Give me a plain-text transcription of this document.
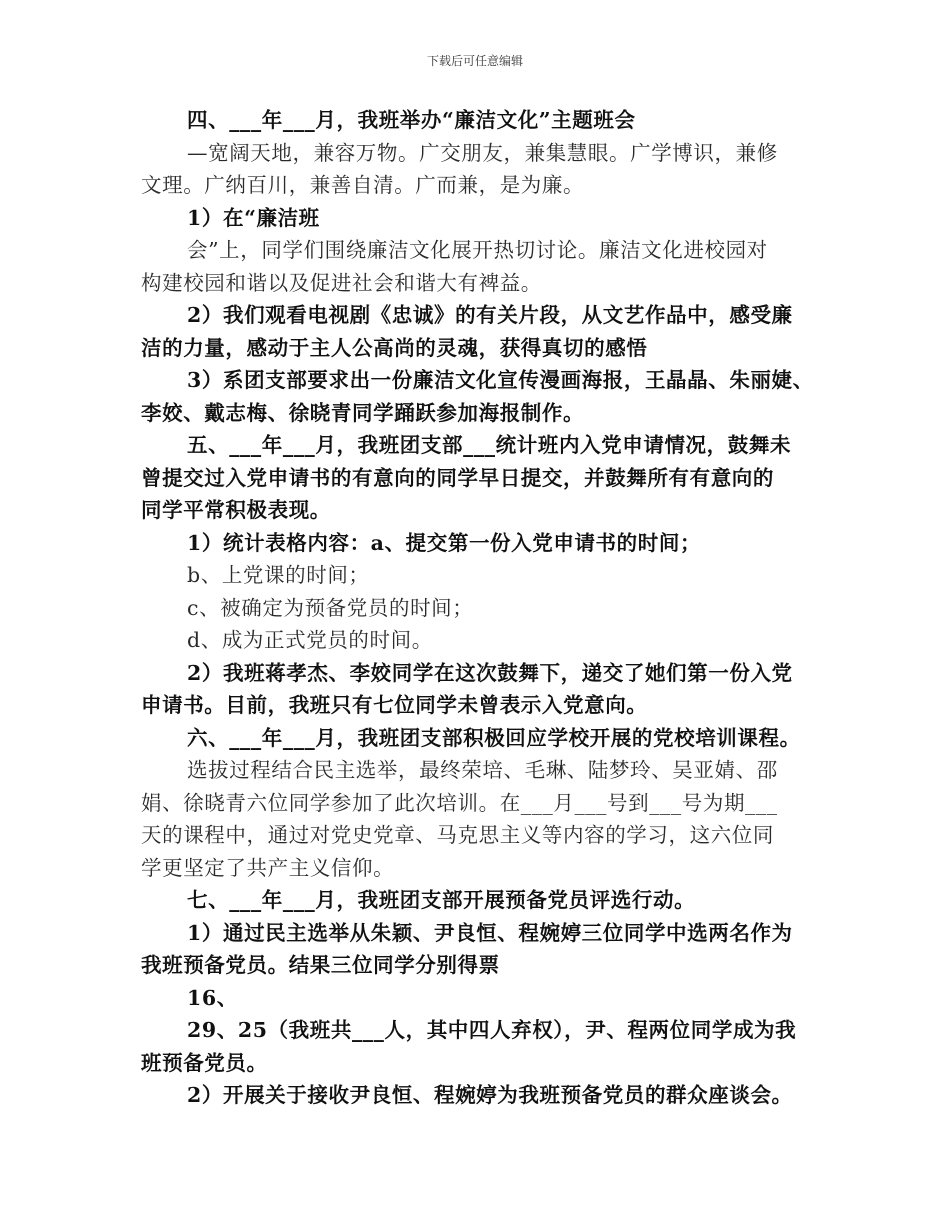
下载后可任意编辑
四、___年___月，我班举办“廉洁文化”主题班会
—宽阔天地，兼容万物。广交朋友，兼集慧眼。广学博识，兼修
文理。广纳百川，兼善自清。广而兼，是为廉。
1）在“廉洁班
会”上，同学们围绕廉洁文化展开热切讨论。廉洁文化进校园对
构建校园和谐以及促进社会和谐大有裨益。
2）我们观看电视剧《忠诚》的有关片段，从文艺作品中，感受廉
洁的力量，感动于主人公高尚的灵魂，获得真切的感悟
3）系团支部要求出一份廉洁文化宣传漫画海报，王晶晶、朱丽婕、
李姣、戴志梅、徐晓青同学踊跃参加海报制作。
五、___年___月，我班团支部___统计班内入党申请情况，鼓舞未
曾提交过入党申请书的有意向的同学早日提交，并鼓舞所有有意向的
同学平常积极表现。
1）统计表格内容：a、提交第一份入党申请书的时间；
b、上党课的时间；
c、被确定为预备党员的时间；
d、成为正式党员的时间。
2）我班蒋孝杰、李姣同学在这次鼓舞下，递交了她们第一份入党
申请书。目前，我班只有七位同学未曾表示入党意向。
六、___年___月，我班团支部积极回应学校开展的党校培训课程。
选拔过程结合民主选举，最终荣培、毛琳、陆梦玲、吴亚婧、邵
娟、徐晓青六位同学参加了此次培训。在___月___号到___号为期___
天的课程中，通过对党史党章、马克思主义等内容的学习，这六位同
学更坚定了共产主义信仰。
七、___年___月，我班团支部开展预备党员评选行动。
1）通过民主选举从朱颖、尹良恒、程婉婷三位同学中选两名作为
我班预备党员。结果三位同学分别得票
16、
29、25（我班共___人，其中四人弃权），尹、程两位同学成为我
班预备党员。
2）开展关于接收尹良恒、程婉婷为我班预备党员的群众座谈会。
